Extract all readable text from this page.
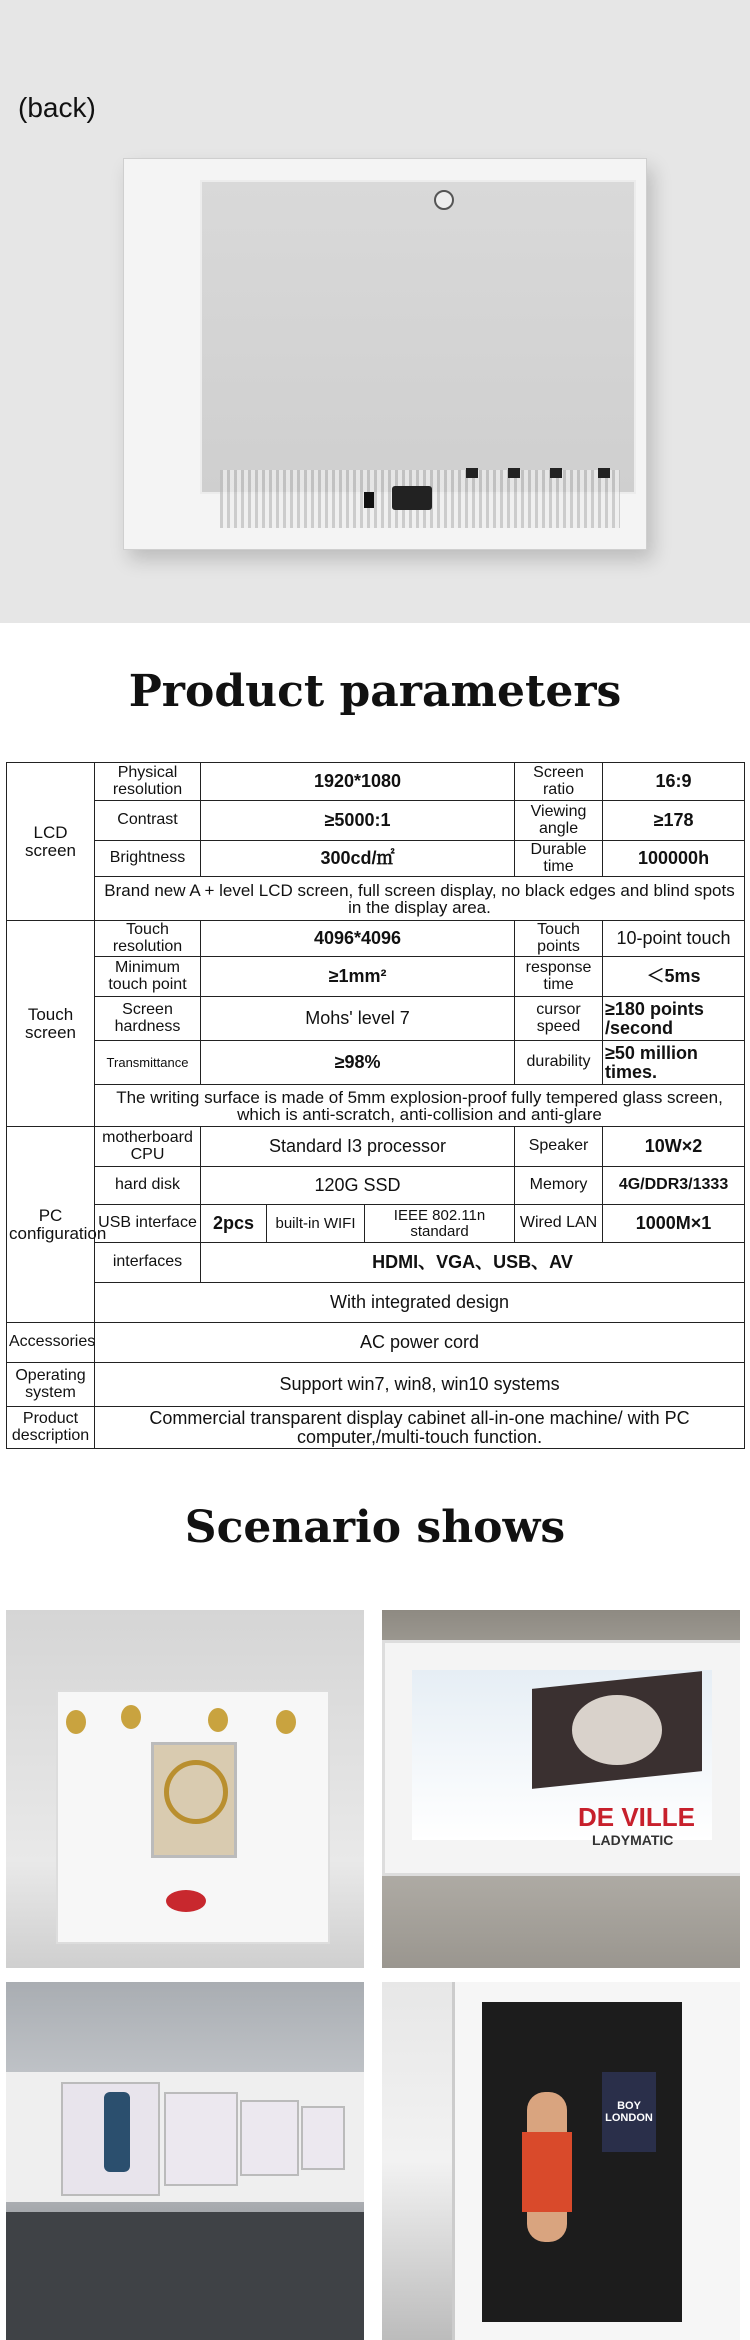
(back)
Product parameters
LCD screen	Physical resolution	1920*1080			Screen ratio	16:9
	Contrast	≥5000:1			Viewing angle	≥178
	Brightness	300cd/㎡			Durable time	100000h
	Brand new A + level LCD screen, full screen display, no black edges and blind spots in the display area.					
Touch screen	Touch resolution	4096*4096			Touch points	10-point touch
	Minimum touch point	≥1mm²			response time	＜5ms
	Screen hardness	Mohs' level 7			cursor speed	≥180 points /second
	Transmittance	≥98%			durability	≥50 million times.
	The writing surface is made of 5mm explosion-proof fully tempered glass screen, which is anti-scratch, anti-collision and anti-glare					
PC configuration	motherboard CPU	Standard I3 processor			Speaker	10W×2
	hard disk	120G SSD			Memory	4G/DDR3/1333
	USB interface	2pcs	built-in WIFI	IEEE 802.11n standard	Wired LAN	1000M×1
	interfaces	HDMI、VGA、USB、AV				
	With integrated design					
Accessories	AC power cord					
Operating system	Support win7, win8, win10 systems					
Product description	Commercial transparent display cabinet all-in-one machine/ with PC computer,/multi-touch function.					
Scenario shows
DE VILLE
LADYMATIC
BOY LONDON
